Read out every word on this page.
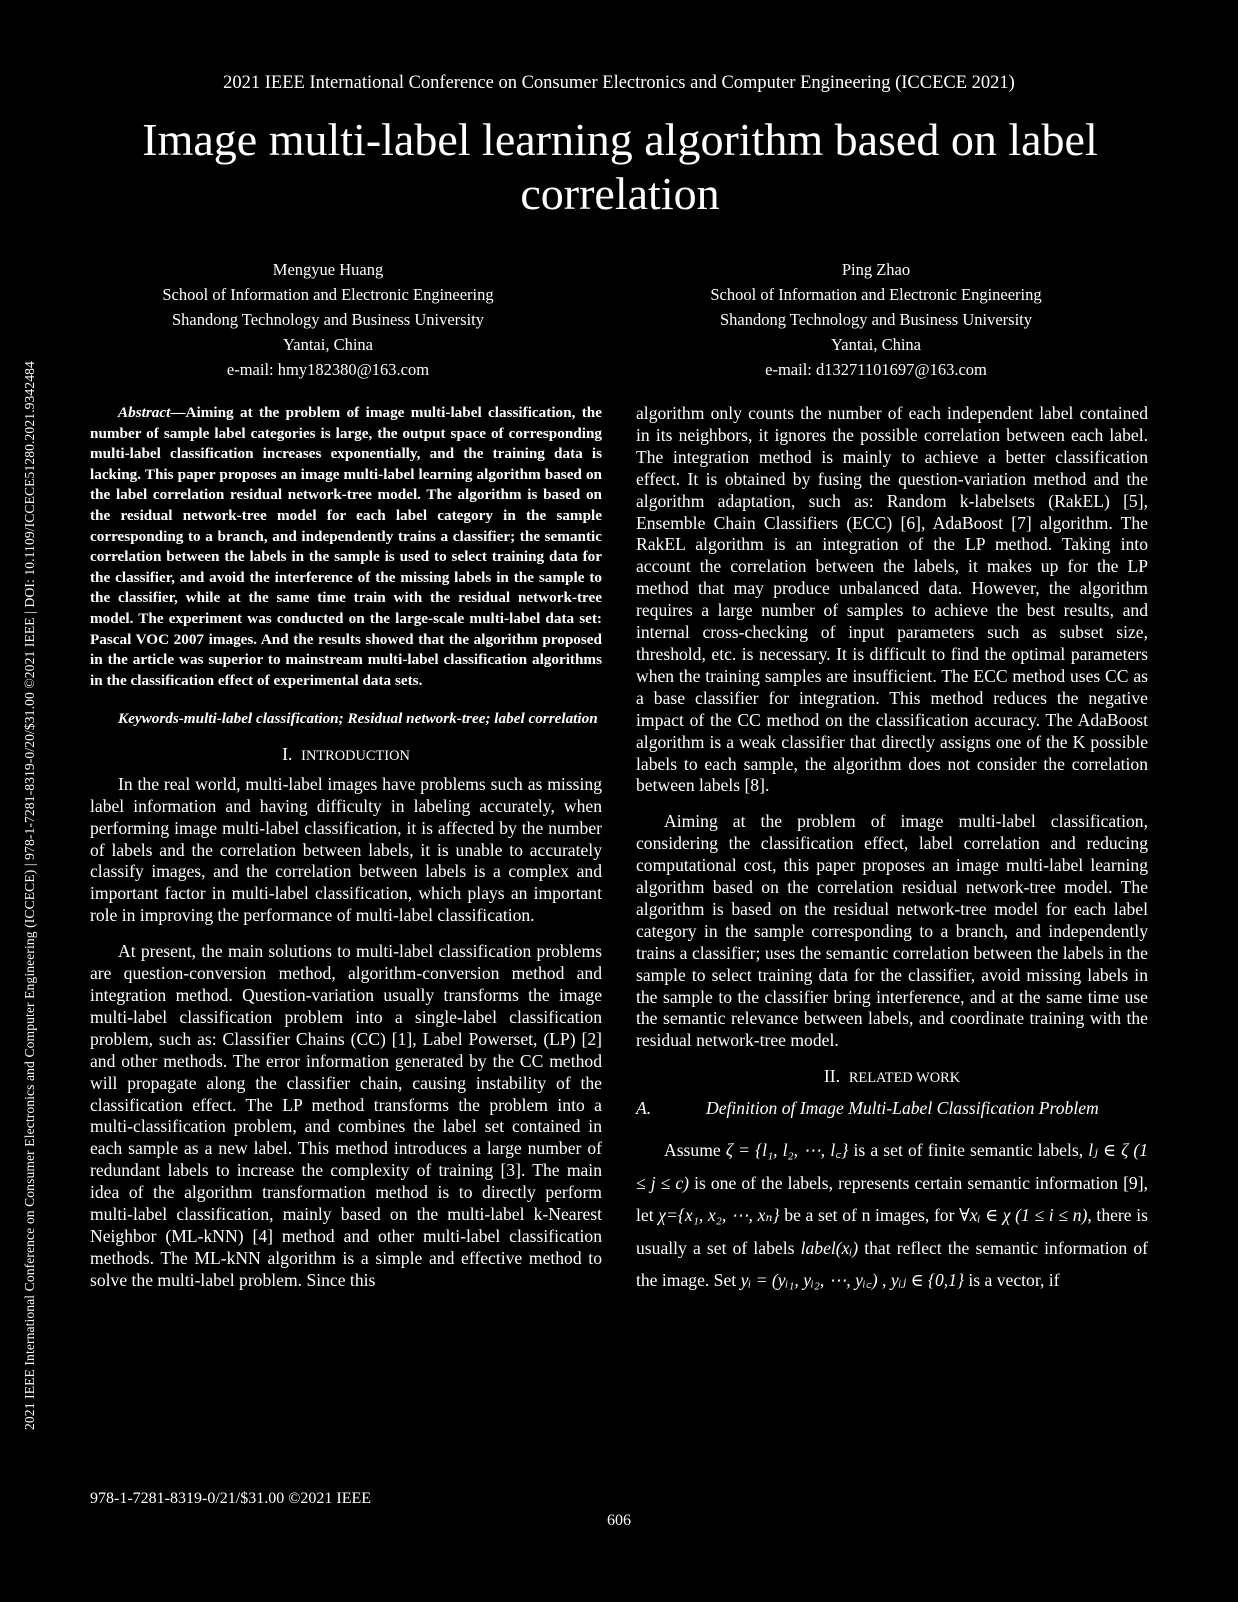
2021 IEEE International Conference on Consumer Electronics and Computer Engineering (ICCECE) | 978-1-7281-8319-0/20/$31.00 ©2021 IEEE | DOI: 10.1109/ICCECE51280.2021.9342484
2021 IEEE International Conference on Consumer Electronics and Computer Engineering (ICCECE 2021)
Image multi-label learning algorithm based on label
correlation
Mengyue Huang
School of Information and Electronic Engineering
Shandong Technology and Business University
Yantai, China
e-mail: hmy182380@163.com
Ping Zhao
School of Information and Electronic Engineering
Shandong Technology and Business University
Yantai, China
e-mail: d13271101697@163.com

Abstract—Aiming at the problem of image multi-label classification, the number of sample label categories is large, the output space of corresponding multi-label classification increases exponentially, and the training data is lacking. This paper proposes an image multi-label learning algorithm based on the label correlation residual network-tree model. The algorithm is based on the residual network-tree model for each label category in the sample corresponding to a branch, and independently trains a classifier; the semantic correlation between the labels in the sample is used to select training data for the classifier, and avoid the interference of the missing labels in the sample to the classifier, while at the same time train with the residual network-tree model. The experiment was conducted on the large-scale multi-label data set: Pascal VOC 2007 images. And the results showed that the algorithm proposed in the article was superior to mainstream multi-label classification algorithms in the classification effect of experimental data sets.

Keywords-multi-label classification; Residual network-tree; label correlation

I. INTRODUCTION

In the real world, multi-label images have problems such as missing label information and having difficulty in labeling accurately, when performing image multi-label classification, it is affected by the number of labels and the correlation between labels, it is unable to accurately classify images, and the correlation between labels is a complex and important factor in multi-label classification, which plays an important role in improving the performance of multi-label classification.

At present, the main solutions to multi-label classification problems are question-conversion method, algorithm-conversion method and integration method. Question-variation usually transforms the image multi-label classification problem into a single-label classification problem, such as: Classifier Chains (CC) [1], Label Powerset, (LP) [2] and other methods. The error information generated by the CC method will propagate along the classifier chain, causing instability of the classification effect. The LP method transforms the problem into a multi-classification problem, and combines the label set contained in each sample as a new label. This method introduces a large number of redundant labels to increase the complexity of training [3]. The main idea of the algorithm transformation method is to directly perform multi-label classification, mainly based on the multi-label k-Nearest Neighbor (ML-kNN) [4] method and other multi-label classification methods. The ML-kNN algorithm is a simple and effective method to solve the multi-label problem. Since this

algorithm only counts the number of each independent label contained in its neighbors, it ignores the possible correlation between each label. The integration method is mainly to achieve a better classification effect. It is obtained by fusing the question-variation method and the algorithm adaptation, such as: Random k-labelsets (RakEL) [5], Ensemble Chain Classifiers (ECC) [6], AdaBoost [7] algorithm. The RakEL algorithm is an integration of the LP method. Taking into account the correlation between the labels, it makes up for the LP method that may produce unbalanced data. However, the algorithm requires a large number of samples to achieve the best results, and internal cross-checking of input parameters such as subset size, threshold, etc. is necessary. It is difficult to find the optimal parameters when the training samples are insufficient. The ECC method uses CC as a base classifier for integration. This method reduces the negative impact of the CC method on the classification accuracy. The AdaBoost algorithm is a weak classifier that directly assigns one of the K possible labels to each sample, the algorithm does not consider the correlation between labels [8].

Aiming at the problem of image multi-label classification, considering the classification effect, label correlation and reducing computational cost, this paper proposes an image multi-label learning algorithm based on the correlation residual network-tree model. The algorithm is based on the residual network-tree model for each label category in the sample corresponding to a branch, and independently trains a classifier; uses the semantic correlation between the labels in the sample to select training data for the classifier, avoid missing labels in the sample to the classifier bring interference, and at the same time use the semantic relevance between labels, and coordinate training with the residual network-tree model.

II. RELATED WORK

A.	Definition of Image Multi-Label Classification Problem

Assume ζ = {l₁, l₂, ⋯, l꜀} is a set of finite semantic labels, lⱼ ∈ ζ (1 ≤ j ≤ c) is one of the labels, represents certain semantic information [9], let χ={x₁, x₂, ⋯, xₙ} be a set of n images, for ∀xᵢ ∈ χ (1 ≤ i ≤ n), there is usually a set of labels label(xᵢ) that reflect the semantic information of the image. Set yᵢ = (yᵢ₁, yᵢ₂, ⋯, yᵢ꜀) , yᵢⱼ ∈ {0,1} is a vector, if

978-1-7281-8319-0/21/$31.00 ©2021 IEEE
606
